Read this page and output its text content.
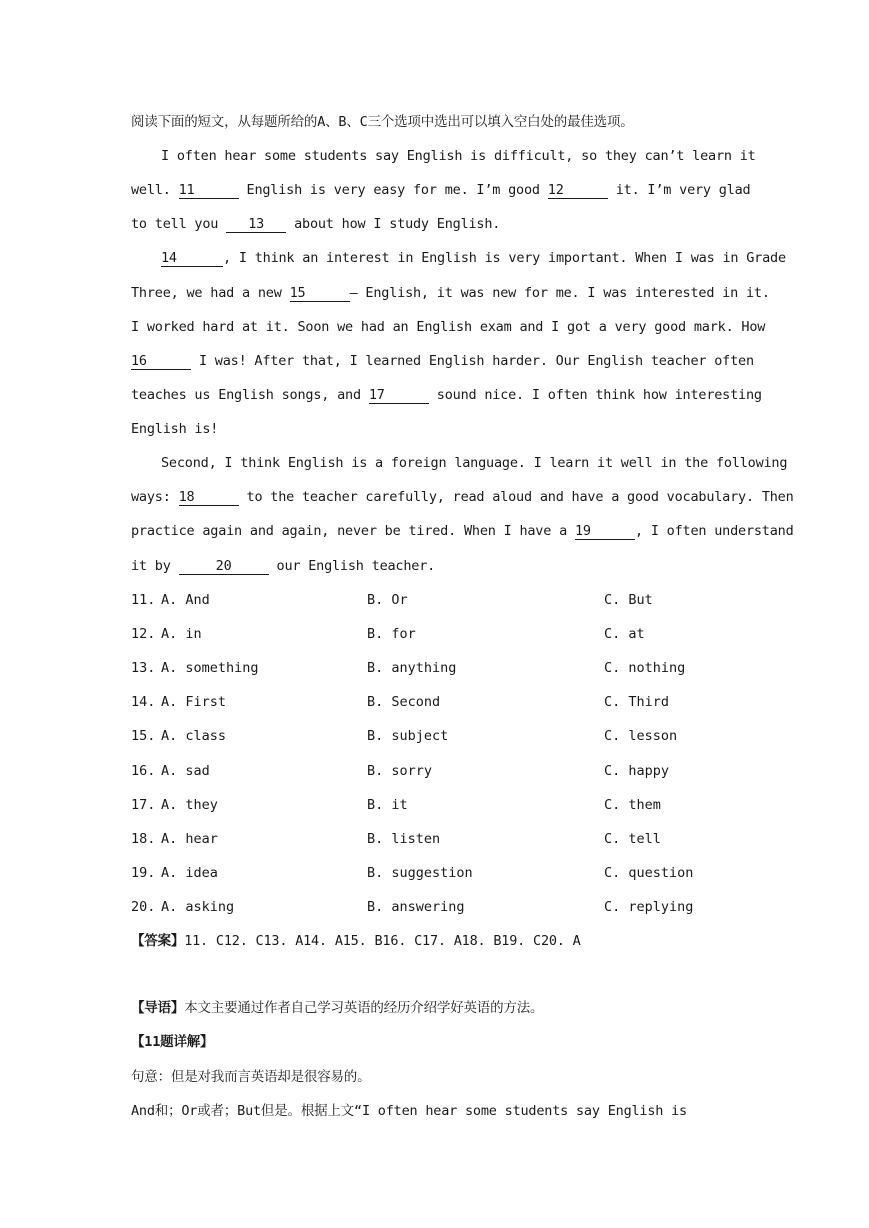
阅读下面的短文，从每题所给的A、B、C三个选项中选出可以填入空白处的最佳选项。
I often hear some students say English is difficult, so they can’t learn it
well. 11	English is very easy for me. I’m good 12	it. I’m very glad
to tell you 13 about how I study English.
14	, I think an interest in English is very important. When I was in Grade
Three, we had a new 15	— English, it was new for me. I was interested in it.
I worked hard at it. Soon we had an English exam and I got a very good mark. How
16	I was! After that, I learned English harder. Our English teacher often
teaches us English songs, and 17	sound nice. I often think how interesting
English is!
Second, I think English is a foreign language. I learn it well in the following
ways: 18	to the teacher carefully, read aloud and have a good vocabulary. Then
practice again and again, never be tired. When I have a 19	, I often understand
it by	20	our English teacher.
11. A. And	B. Or	C. But
12. A. in	B. for	C. at
13. A. something	B. anything	C. nothing
14. A. First	B. Second	C. Third
15. A. class	B. subject	C. lesson
16. A. sad	B. sorry	C. happy
17. A. they	B. it	C. them
18. A. hear	B. listen	C. tell
19. A. idea	B. suggestion	C. question
20. A. asking	B. answering	C. replying
【答案】11. C12. C13. A14. A15. B16. C17. A18. B19. C20. A
【导语】本文主要通过作者自己学习英语的经历介绍学好英语的方法。
【11题详解】
句意：但是对我而言英语却是很容易的。
And和；Or或者；But但是。根据上文“I often hear some students say English is
